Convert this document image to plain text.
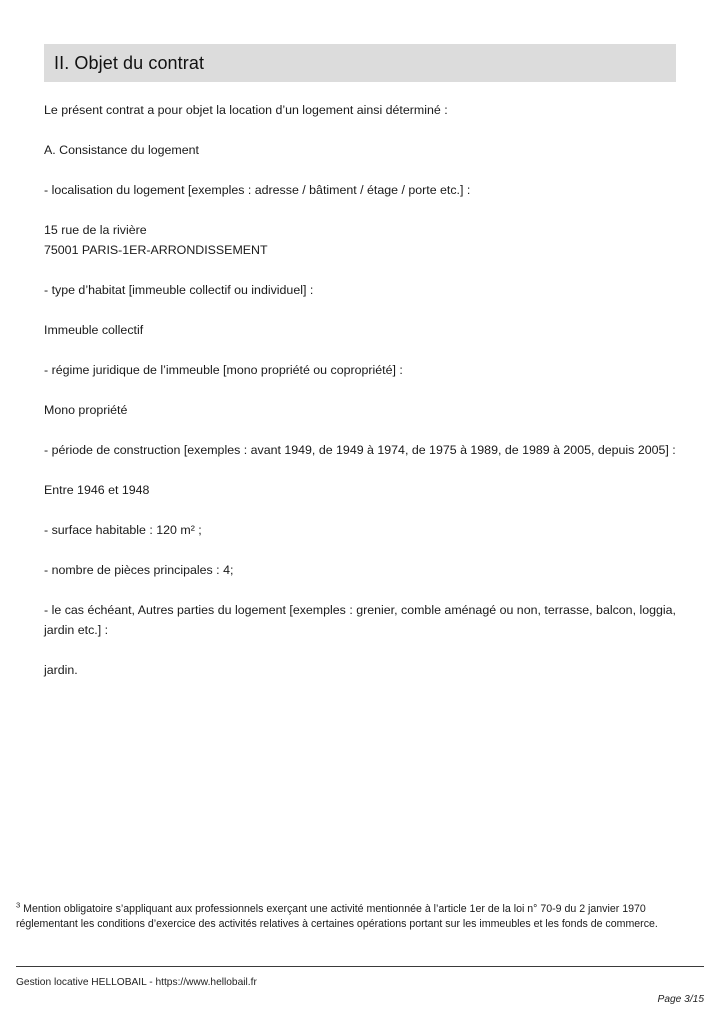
II. Objet du contrat

Le présent contrat a pour objet la location d’un logement ainsi déterminé :

A. Consistance du logement

- localisation du logement [exemples : adresse / bâtiment / étage / porte etc.] :

15 rue de la rivière
75001 PARIS-1ER-ARRONDISSEMENT

- type d’habitat [immeuble collectif ou individuel] :

Immeuble collectif

- régime juridique de l’immeuble [mono propriété ou copropriété] :

Mono propriété

- période de construction [exemples : avant 1949, de 1949 à 1974, de 1975 à 1989, de 1989 à 2005, depuis 2005] :

Entre 1946 et 1948

- surface habitable : 120 m² ;

- nombre de pièces principales : 4;

- le cas échéant, Autres parties du logement [exemples : grenier, comble aménagé ou non, terrasse, balcon, loggia, jardin etc.] :

jardin.

$^3$ Mention obligatoire s’appliquant aux professionnels exerçant une activité mentionnée à l’article 1er de la loi n° 70-9 du 2 janvier 1970 réglementant les conditions d’exercice des activités relatives à certaines opérations portant sur les immeubles et les fonds de commerce.
Gestion locative HELLOBAIL - https://www.hellobail.fr
Page 3/15
